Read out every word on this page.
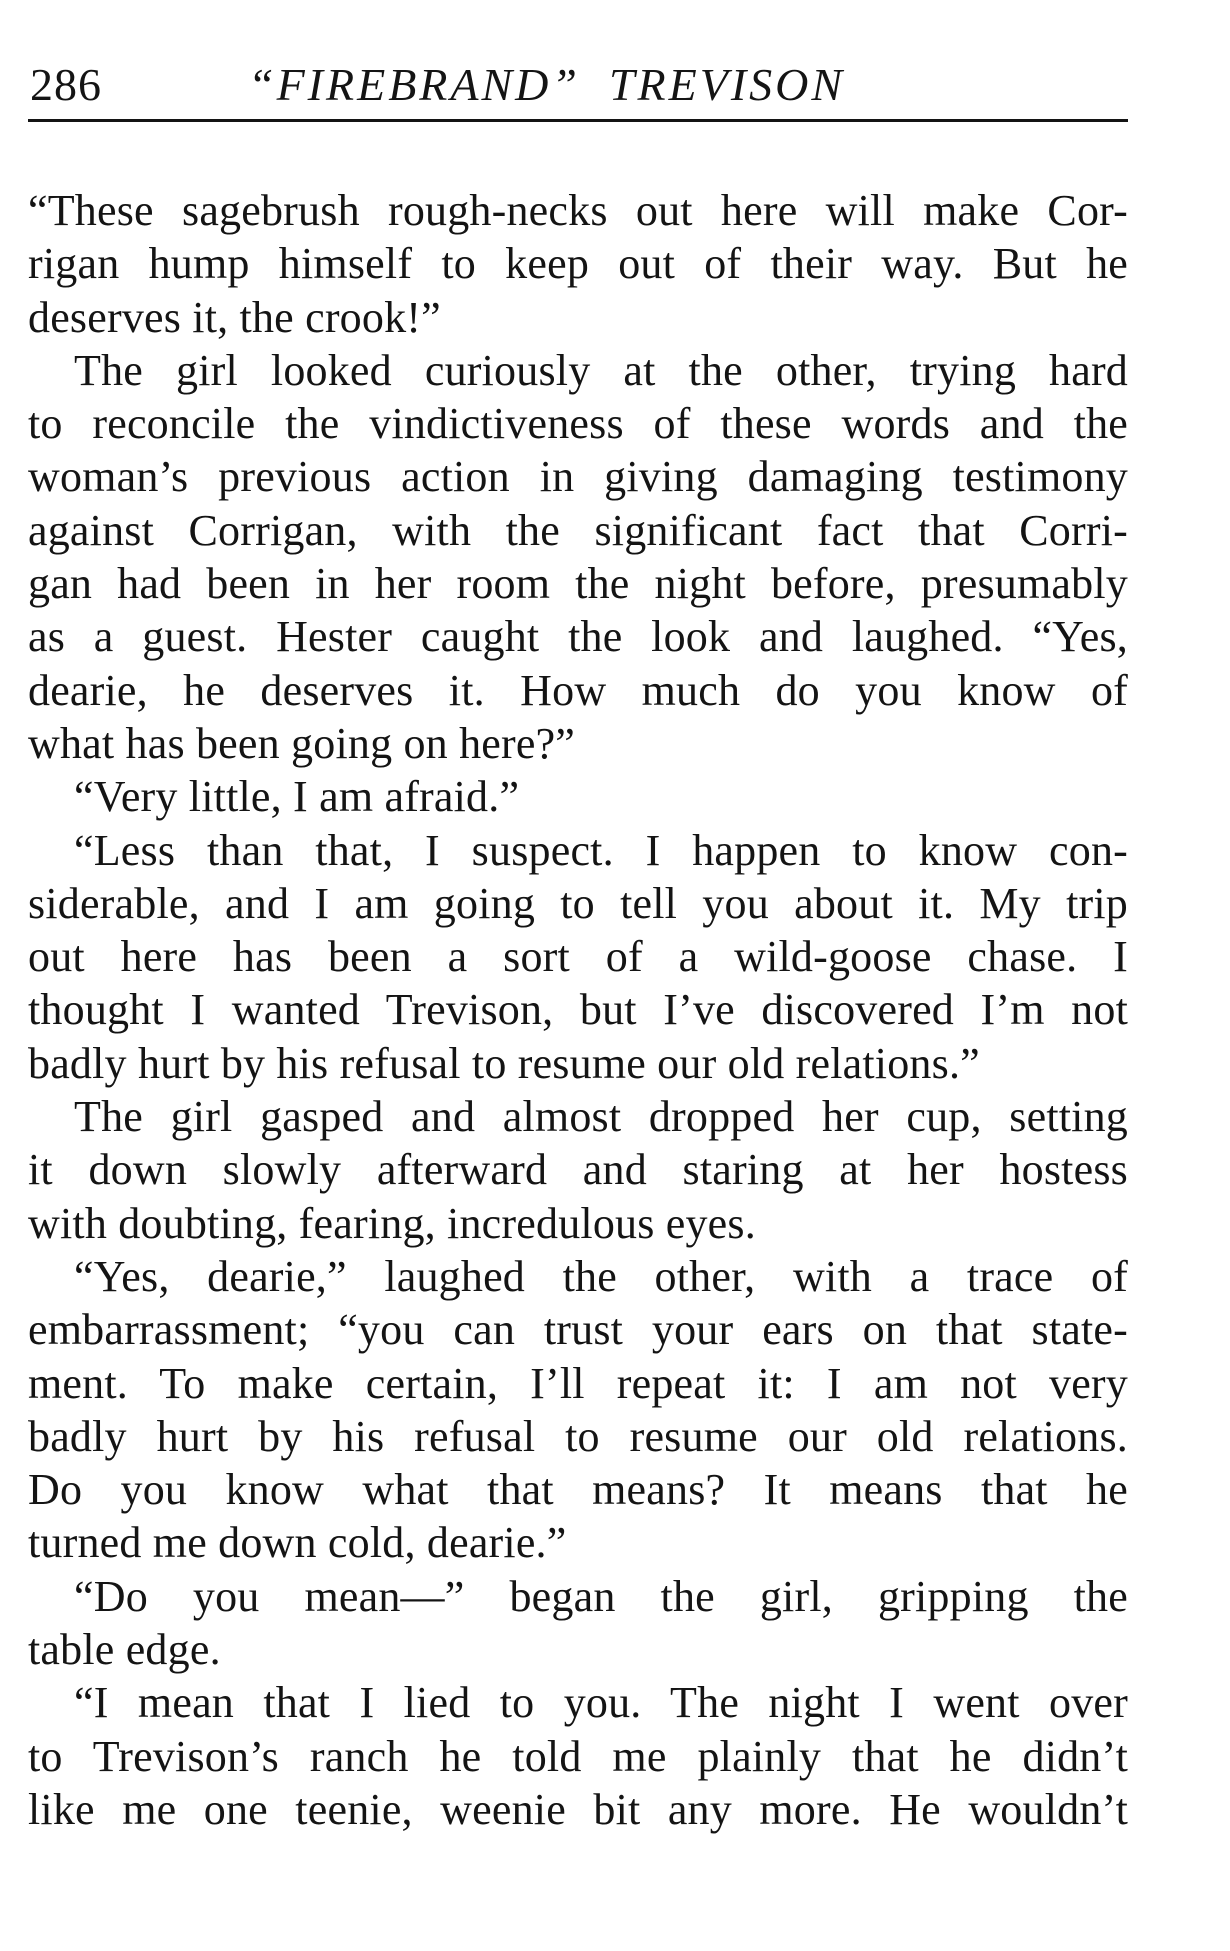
286	“FIREBRAND”  TREVISON
“These sagebrush rough-necks out here will make Cor-
rigan hump himself to keep out of their way. But he
deserves it, the crook!”
The girl looked curiously at the other, trying hard
to reconcile the vindictiveness of these words and the
woman’s previous action in giving damaging testimony
against Corrigan, with the significant fact that Corri-
gan had been in her room the night before, presumably
as a guest. Hester caught the look and laughed. “Yes,
dearie, he deserves it. How much do you know of
what has been going on here?”
“Very little, I am afraid.”
“Less than that, I suspect. I happen to know con-
siderable, and I am going to tell you about it. My trip
out here has been a sort of a wild-goose chase. I
thought I wanted Trevison, but I’ve discovered I’m not
badly hurt by his refusal to resume our old relations.”
The girl gasped and almost dropped her cup, setting
it down slowly afterward and staring at her hostess
with doubting, fearing, incredulous eyes.
“Yes, dearie,” laughed the other, with a trace of
embarrassment; “you can trust your ears on that state-
ment. To make certain, I’ll repeat it: I am not very
badly hurt by his refusal to resume our old relations.
Do you know what that means? It means that he
turned me down cold, dearie.”
“Do you mean—” began the girl, gripping the
table edge.
“I mean that I lied to you. The night I went over
to Trevison’s ranch he told me plainly that he didn’t
like me one teenie, weenie bit any more. He wouldn’t
